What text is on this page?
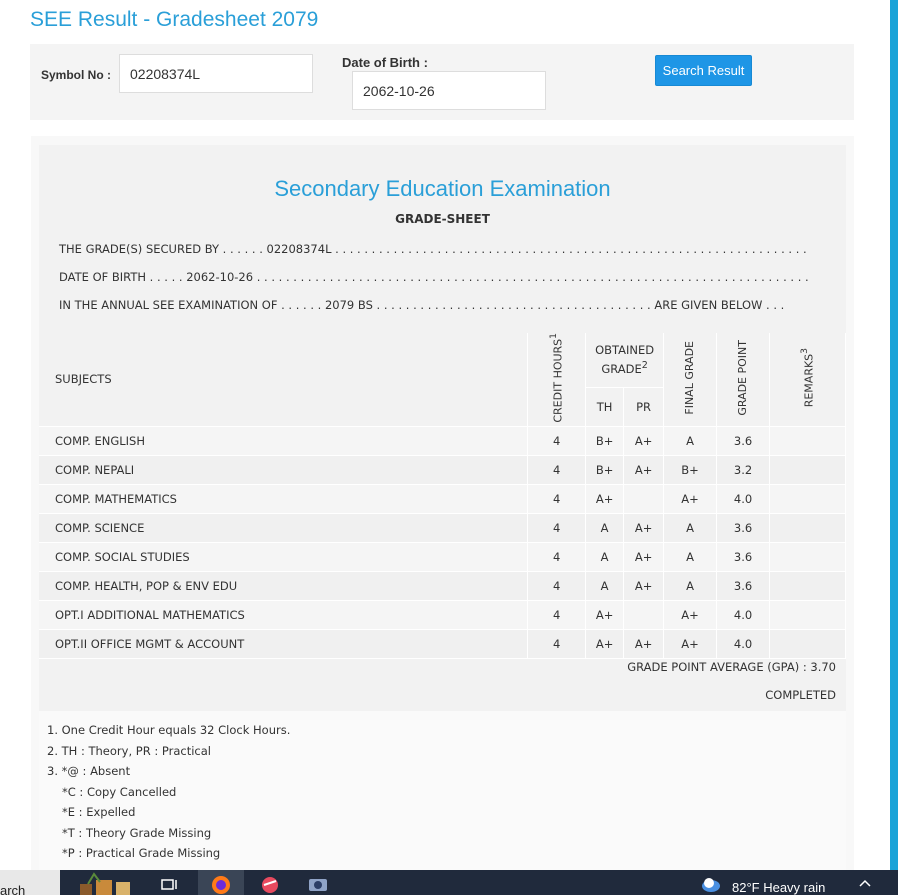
SEE Result - Gradesheet 2079
Symbol No :
02208374L
Date of Birth :
2062-10-26
Search Result
Secondary Education Examination
GRADE-SHEET
THE GRADE(S) SECURED BY . . . . . . 02208374L . . . . . . . . . . . . . . . . . . . . . . . . . . . . . . . . . . . . . . . . . . . . . . . . . . . . . . . . . . . . . . . . .
DATE OF BIRTH . . . . . 2062-10-26 . . . . . . . . . . . . . . . . . . . . . . . . . . . . . . . . . . . . . . . . . . . . . . . . . . . . . . . . . . . . . . . . . . . . . . . . . . . .
IN THE ANNUAL SEE EXAMINATION OF . . . . . . 2079 BS . . . . . . . . . . . . . . . . . . . . . . . . . . . . . . . . . . . . . . ARE GIVEN BELOW . . .
SUBJECTS	CREDIT HOURS$^1$	OBTAINED GRADE$^2$		FINAL GRADE	GRADE POINT	REMARKS$^3$
		TH	PR			
COMP. ENGLISH	4	B+	A+	A	3.6	
COMP. NEPALI	4	B+	A+	B+	3.2	
COMP. MATHEMATICS	4	A+		A+	4.0	
COMP. SCIENCE	4	A	A+	A	3.6	
COMP. SOCIAL STUDIES	4	A	A+	A	3.6	
COMP. HEALTH, POP & ENV EDU	4	A	A+	A	3.6	
OPT.I ADDITIONAL MATHEMATICS	4	A+		A+	4.0	
OPT.II OFFICE MGMT & ACCOUNT	4	A+	A+	A+	4.0	
GRADE POINT AVERAGE (GPA) : 3.70
COMPLETED
1. One Credit Hour equals 32 Clock Hours.
2. TH : Theory, PR : Practical
3. *@ : Absent
*C : Copy Cancelled
*E : Expelled
*T : Theory Grade Missing
*P : Practical Grade Missing
arch	82°F Heavy rain
